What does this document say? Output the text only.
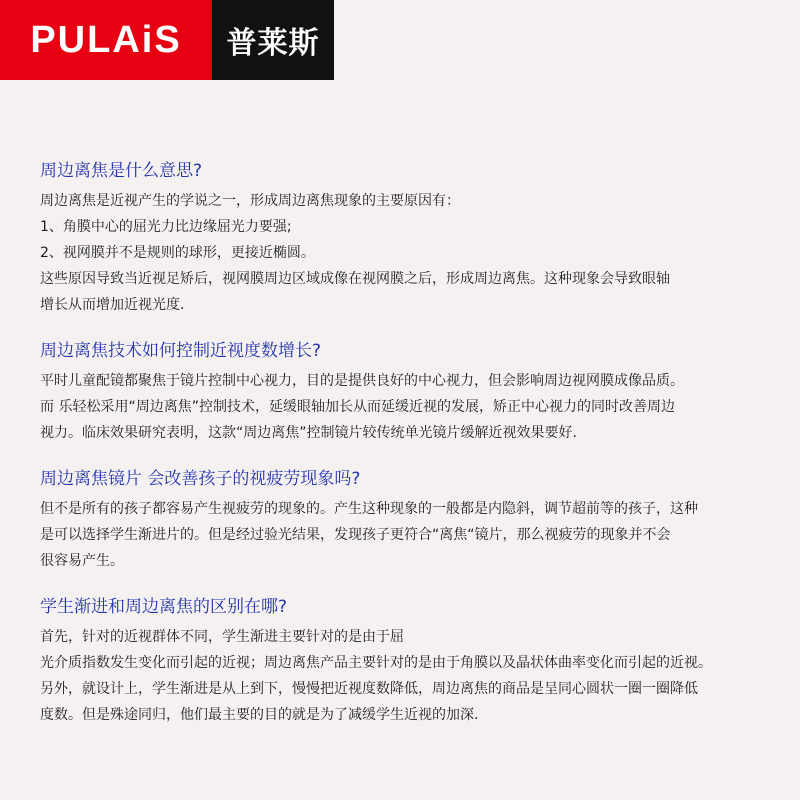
PULAiS	普莱斯
周边离焦是什么意思?

周边离焦是近视产生的学说之一，形成周边离焦现象的主要原因有：

1、角膜中心的屈光力比边缘屈光力要强;

2、视网膜并不是规则的球形，更接近椭圆。

这些原因导致当近视足矫后，视网膜周边区域成像在视网膜之后，形成周边离焦。这种现象会导致眼轴

增长从而增加近视光度.

周边离焦技术如何控制近视度数增长?

平时儿童配镜都聚焦于镜片控制中心视力，目的是提供良好的中心视力，但会影响周边视网膜成像品质。

而 乐轻松采用“周边离焦”控制技术，延缓眼轴加长从而延缓近视的发展，矫正中心视力的同时改善周边

视力。临床效果研究表明，这款“周边离焦”控制镜片较传统单光镜片缓解近视效果要好.

周边离焦镜片 会改善孩子的视疲劳现象吗?

但不是所有的孩子都容易产生视疲劳的现象的。产生这种现象的一般都是内隐斜，调节超前等的孩子，这种

是可以选择学生渐进片的。但是经过验光结果，发现孩子更符合“离焦“镜片，那么视疲劳的现象并不会

很容易产生。

学生渐进和周边离焦的区别在哪?

首先，针对的近视群体不同，学生渐进主要针对的是由于屈

光介质指数发生变化而引起的近视；周边离焦产品主要针对的是由于角膜以及晶状体曲率变化而引起的近视。

另外，就设计上，学生渐进是从上到下，慢慢把近视度数降低，周边离焦的商品是呈同心圆状一圈一圈降低

度数。但是殊途同归，他们最主要的目的就是为了减缓学生近视的加深.
